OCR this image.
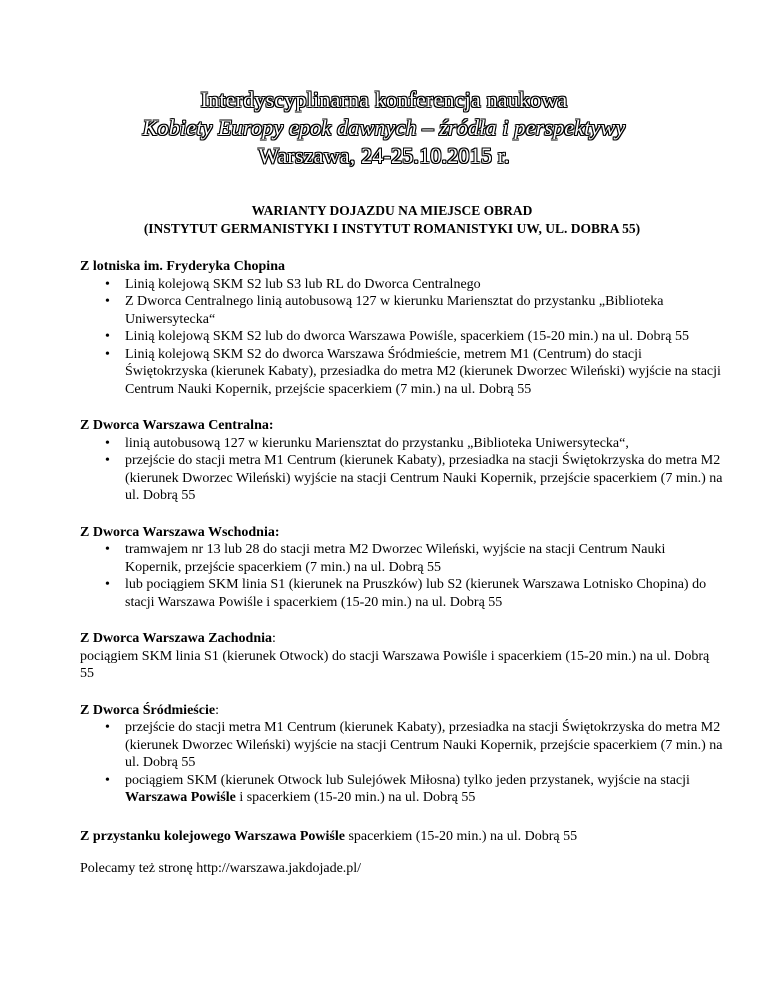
Interdyscyplinarna konferencja naukowa
Kobiety Europy epok dawnych – źródła i perspektywy
Warszawa, 24-25.10.2015 r.
WARIANTY DOJAZDU NA MIEJSCE OBRAD
(INSTYTUT GERMANISTYKI I INSTYTUT ROMANISTYKI UW, UL. DOBRA 55)
Z lotniska im. Fryderyka Chopina
• Linią kolejową SKM S2 lub S3 lub RL do Dworca Centralnego
• Z Dworca Centralnego linią autobusową 127 w kierunku Mariensztat do przystanku „Biblioteka Uniwersytecka“
• Linią kolejową SKM S2 lub do dworca Warszawa Powiśle, spacerkiem (15-20 min.) na ul. Dobrą 55
• Linią kolejową SKM S2 do dworca Warszawa Śródmieście, metrem M1 (Centrum) do stacji Świętokrzyska (kierunek Kabaty), przesiadka do metra M2 (kierunek Dworzec Wileński) wyjście na stacji Centrum Nauki Kopernik, przejście spacerkiem (7 min.) na ul. Dobrą 55
Z Dworca Warszawa Centralna:
• linią autobusową 127 w kierunku Mariensztat do przystanku „Biblioteka Uniwersytecka“,
• przejście do stacji metra M1 Centrum (kierunek Kabaty), przesiadka na stacji Świętokrzyska do metra M2 (kierunek Dworzec Wileński) wyjście na stacji Centrum Nauki Kopernik, przejście spacerkiem (7 min.) na ul. Dobrą 55
Z Dworca Warszawa Wschodnia:
• tramwajem nr 13 lub 28 do stacji metra M2 Dworzec Wileński, wyjście na stacji Centrum Nauki Kopernik, przejście spacerkiem (7 min.) na ul. Dobrą 55
• lub pociągiem SKM linia S1 (kierunek na Pruszków) lub S2 (kierunek Warszawa Lotnisko Chopina) do stacji Warszawa Powiśle i spacerkiem (15-20 min.) na ul. Dobrą 55
Z Dworca Warszawa Zachodnia:
pociągiem SKM linia S1 (kierunek Otwock) do stacji Warszawa Powiśle i spacerkiem (15-20 min.) na ul. Dobrą 55
Z Dworca Śródmieście:
• przejście do stacji metra M1 Centrum (kierunek Kabaty), przesiadka na stacji Świętokrzyska do metra M2 (kierunek Dworzec Wileński) wyjście na stacji Centrum Nauki Kopernik, przejście spacerkiem (7 min.) na ul. Dobrą 55
• pociągiem SKM (kierunek Otwock lub Sulejówek Miłosna) tylko jeden przystanek, wyjście na stacji Warszawa Powiśle i spacerkiem (15-20 min.) na ul. Dobrą 55
Z przystanku kolejowego Warszawa Powiśle spacerkiem (15-20 min.) na ul. Dobrą 55
Polecamy też stronę http://warszawa.jakdojade.pl/
